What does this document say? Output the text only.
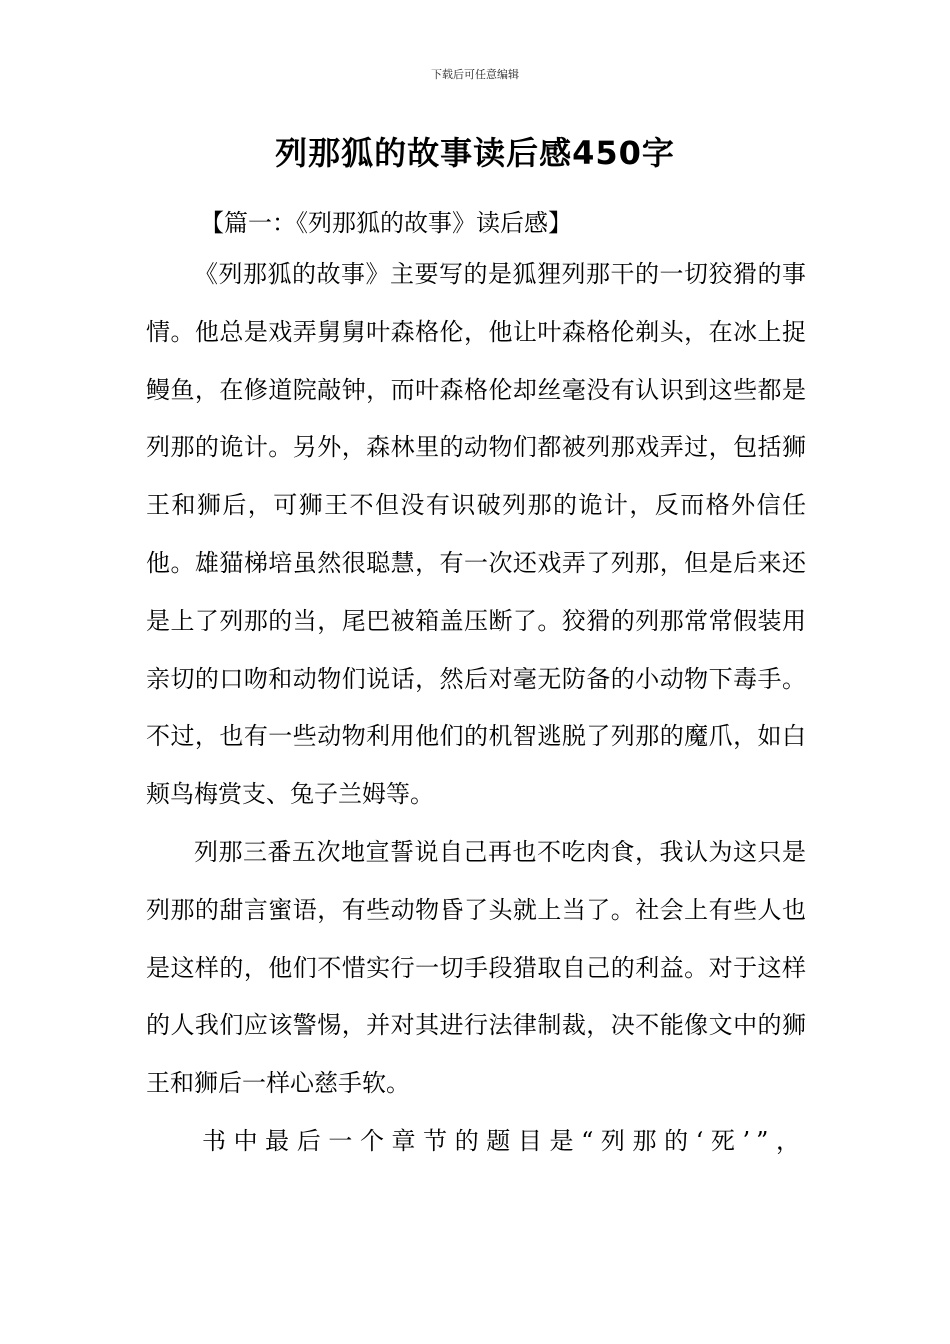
下载后可任意编辑
列那狐的故事读后感450字

【篇一：《列那狐的故事》读后感】

《列那狐的故事》主要写的是狐狸列那干的一切狡猾的事情。他总是戏弄舅舅叶森格伦，他让叶森格伦剃头，在冰上捉鳗鱼，在修道院敲钟，而叶森格伦却丝毫没有认识到这些都是列那的诡计。另外，森林里的动物们都被列那戏弄过，包括狮王和狮后，可狮王不但没有识破列那的诡计，反而格外信任他。雄猫梯培虽然很聪慧，有一次还戏弄了列那，但是后来还是上了列那的当，尾巴被箱盖压断了。狡猾的列那常常假装用亲切的口吻和动物们说话，然后对毫无防备的小动物下毒手。不过，也有一些动物利用他们的机智逃脱了列那的魔爪，如白颊鸟梅赏支、兔子兰姆等。

列那三番五次地宣誓说自己再也不吃肉食，我认为这只是列那的甜言蜜语，有些动物昏了头就上当了。社会上有些人也是这样的，他们不惜实行一切手段猎取自己的利益。对于这样的人我们应该警惕，并对其进行法律制裁，决不能像文中的狮王和狮后一样心慈手软。

书中最后一个章节的题目是“列那的‘死’”，
